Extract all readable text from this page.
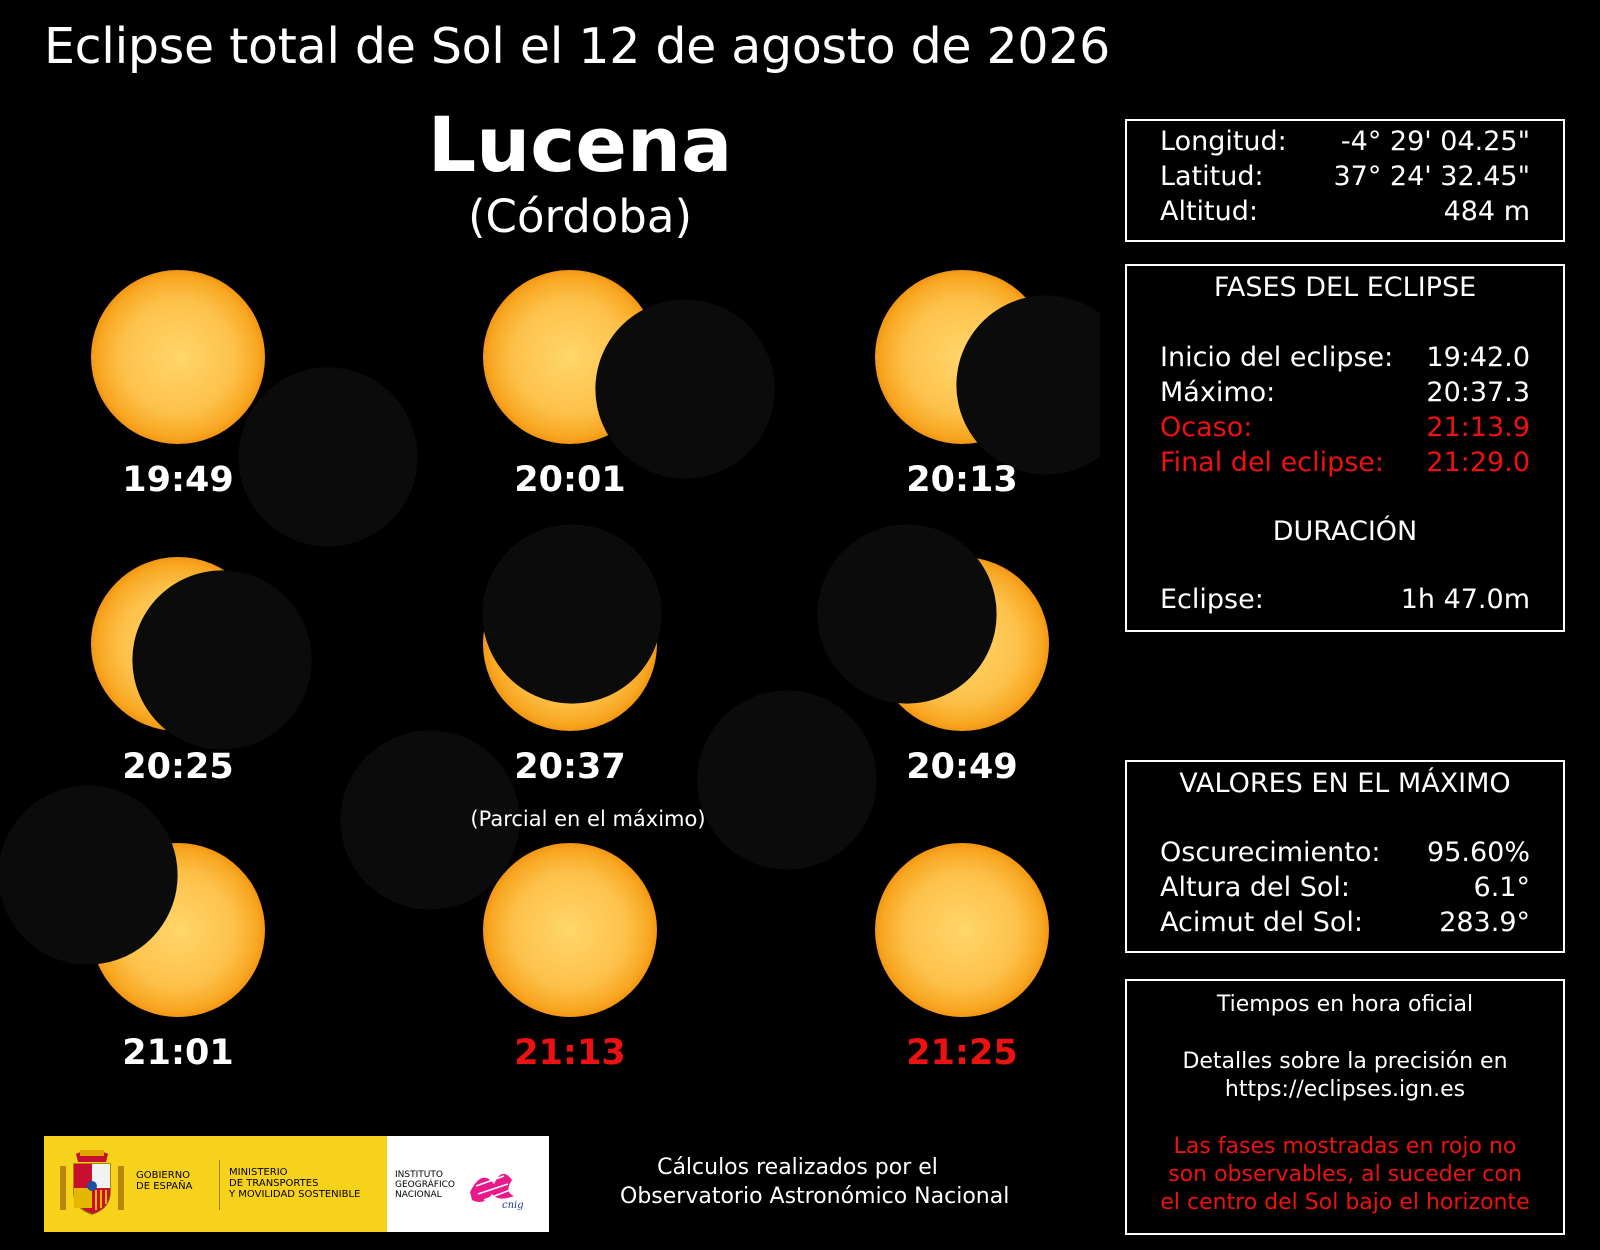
Eclipse total de Sol el 12 de agosto de 2026
Lucena
(Córdoba)
19:49	20:01	20:13
20:25	20:37	20:49
21:01	21:13	21:25
(Parcial en el máximo)
Longitud: -4° 29' 04.25"
Latitud:	37° 24' 32.45"
Altitud:	484 m
FASES DEL ECLIPSE
Inicio del eclipse: 19:42.0
Máximo:	20:37.3
Ocaso:	21:13.9
Final del eclipse: 21:29.0
DURACIÓN
Eclipse:	1h 47.0m
VALORES EN EL MÁXIMO
Oscurecimiento: 95.60%
Altura del Sol:	6.1°
Acimut del Sol:	283.9°
Tiempos en hora oficial
Detalles sobre la precisión en
https://eclipses.ign.es
Las fases mostradas en rojo no
son observables, al suceder con
el centro del Sol bajo el horizonte
GOBIERNO
DE ESPAÑA
MINISTERIO
DE TRANSPORTES
Y MOVILIDAD SOSTENIBLE
INSTITUTO
GEOGRÁFICO
NACIONAL
cnig
Cálculos realizados por el
Observatorio Astronómico Nacional
